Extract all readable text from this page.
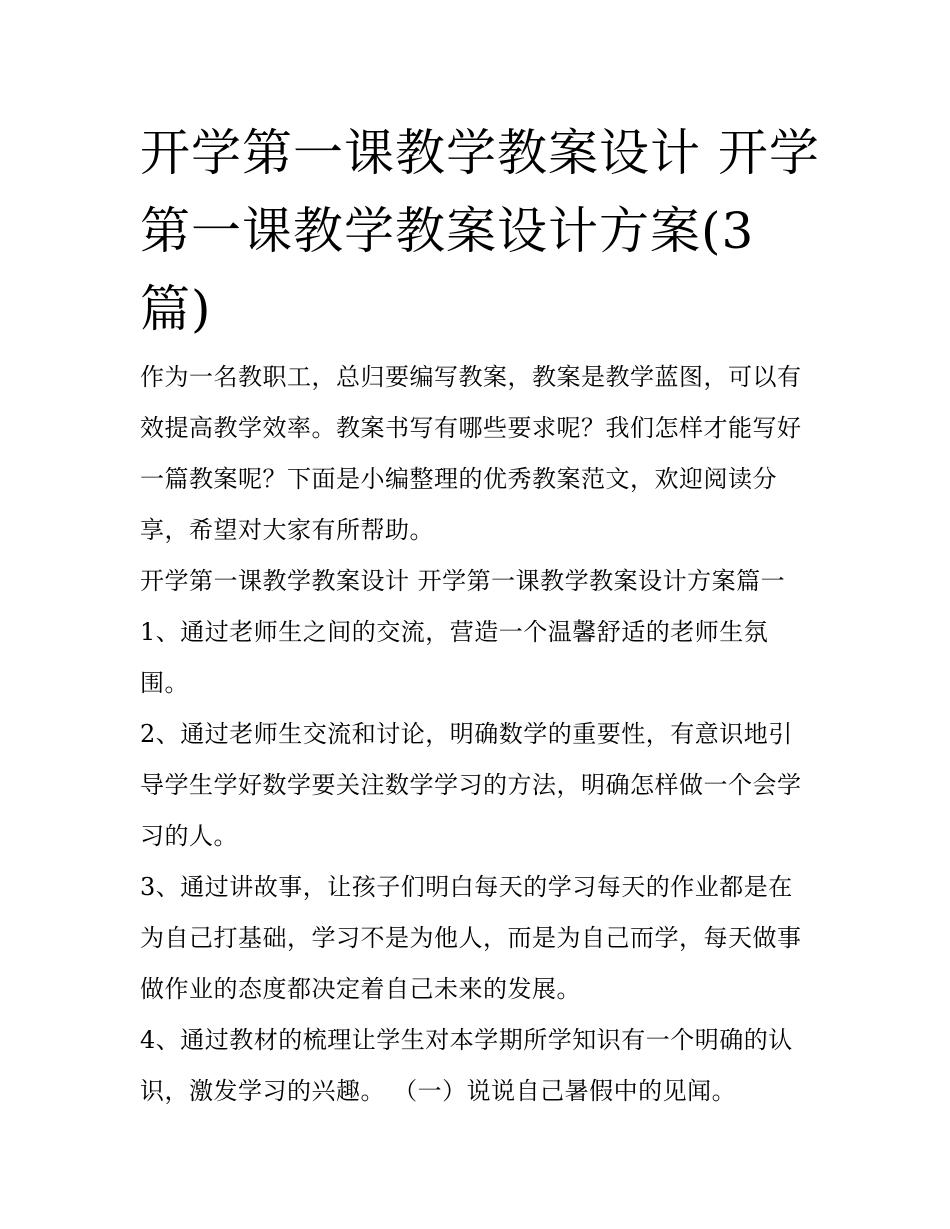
开学第一课教学教案设计 开学
第一课教学教案设计方案(3
篇)
作为一名教职工，总归要编写教案，教案是教学蓝图，可以有
效提高教学效率。教案书写有哪些要求呢？我们怎样才能写好
一篇教案呢？下面是小编整理的优秀教案范文，欢迎阅读分
享，希望对大家有所帮助。
开学第一课教学教案设计 开学第一课教学教案设计方案篇一
1、通过老师生之间的交流，营造一个温馨舒适的老师生氛
围。
2、通过老师生交流和讨论，明确数学的重要性，有意识地引
导学生学好数学要关注数学学习的方法，明确怎样做一个会学
习的人。
3、通过讲故事，让孩子们明白每天的学习每天的作业都是在
为自己打基础，学习不是为他人，而是为自己而学，每天做事
做作业的态度都决定着自己未来的发展。
4、通过教材的梳理让学生对本学期所学知识有一个明确的认
识，激发学习的兴趣。 （一）说说自己暑假中的见闻。
